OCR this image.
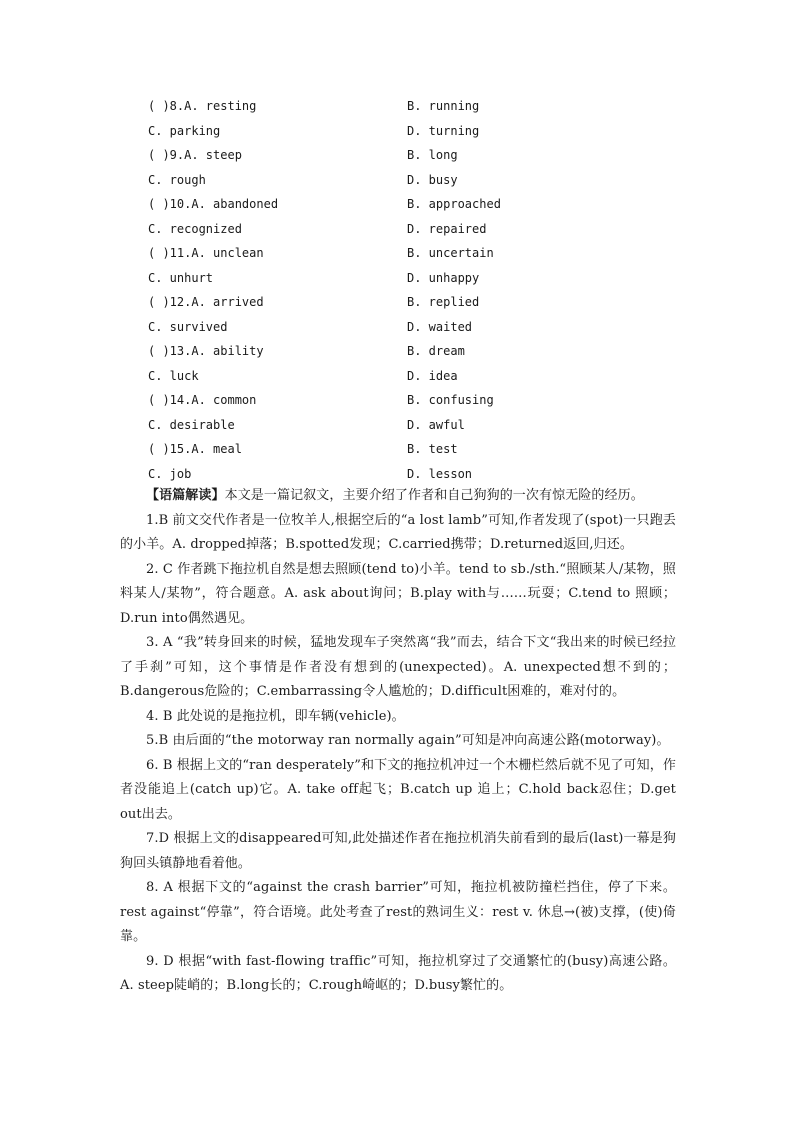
( )8.A. resting	B. running
C. parking	D. turning
( )9.A. steep	B. long
C. rough	D. busy
( )10.A. abandoned	B. approached
C. recognized	D. repaired
( )11.A. unclean	B. uncertain
C. unhurt	D. unhappy
( )12.A. arrived	B. replied
C. survived	D. waited
( )13.A. ability	B. dream
C. luck	D. idea
( )14.A. common	B. confusing
C. desirable	D. awful
( )15.A. meal	B. test
C. job	D. lesson

【语篇解读】本文是一篇记叙文，主要介绍了作者和自己狗狗的一次有惊无险的经历。

1.B 前文交代作者是一位牧羊人,根据空后的“a lost lamb”可知,作者发现了(spot)一只跑丢的小羊。A. dropped掉落；B.spotted发现；C.carried携带；D.returned返回,归还。

2. C 作者跳下拖拉机自然是想去照顾(tend to)小羊。tend to sb./sth.“照顾某人/某物，照料某人/某物”，符合题意。A. ask about询问；B.play with与……玩耍；C.tend to 照顾；D.run into偶然遇见。

3. A “我”转身回来的时候，猛地发现车子突然离“我”而去，结合下文“我出来的时候已经拉了手刹”可知，这个事情是作者没有想到的(unexpected)。A. unexpected想不到的；B.dangerous危险的；C.embarrassing令人尴尬的；D.difficult困难的，难对付的。

4. B 此处说的是拖拉机，即车辆(vehicle)。

5.B 由后面的“the motorway ran normally again”可知是冲向高速公路(motorway)。

6. B 根据上文的“ran desperately”和下文的拖拉机冲过一个木栅栏然后就不见了可知，作者没能追上(catch up)它。A. take off起飞；B.catch up 追上；C.hold back忍住；D.get out出去。

7.D 根据上文的disappeared可知,此处描述作者在拖拉机消失前看到的最后(last)一幕是狗狗回头镇静地看着他。

8. A 根据下文的“against the crash barrier”可知，拖拉机被防撞栏挡住，停了下来。rest against“停靠”，符合语境。此处考查了rest的熟词生义：rest v. 休息→(被)支撑，(使)倚靠。

9. D 根据“with fast-flowing traffic”可知，拖拉机穿过了交通繁忙的(busy)高速公路。A. steep陡峭的；B.long长的；C.rough崎岖的；D.busy繁忙的。
